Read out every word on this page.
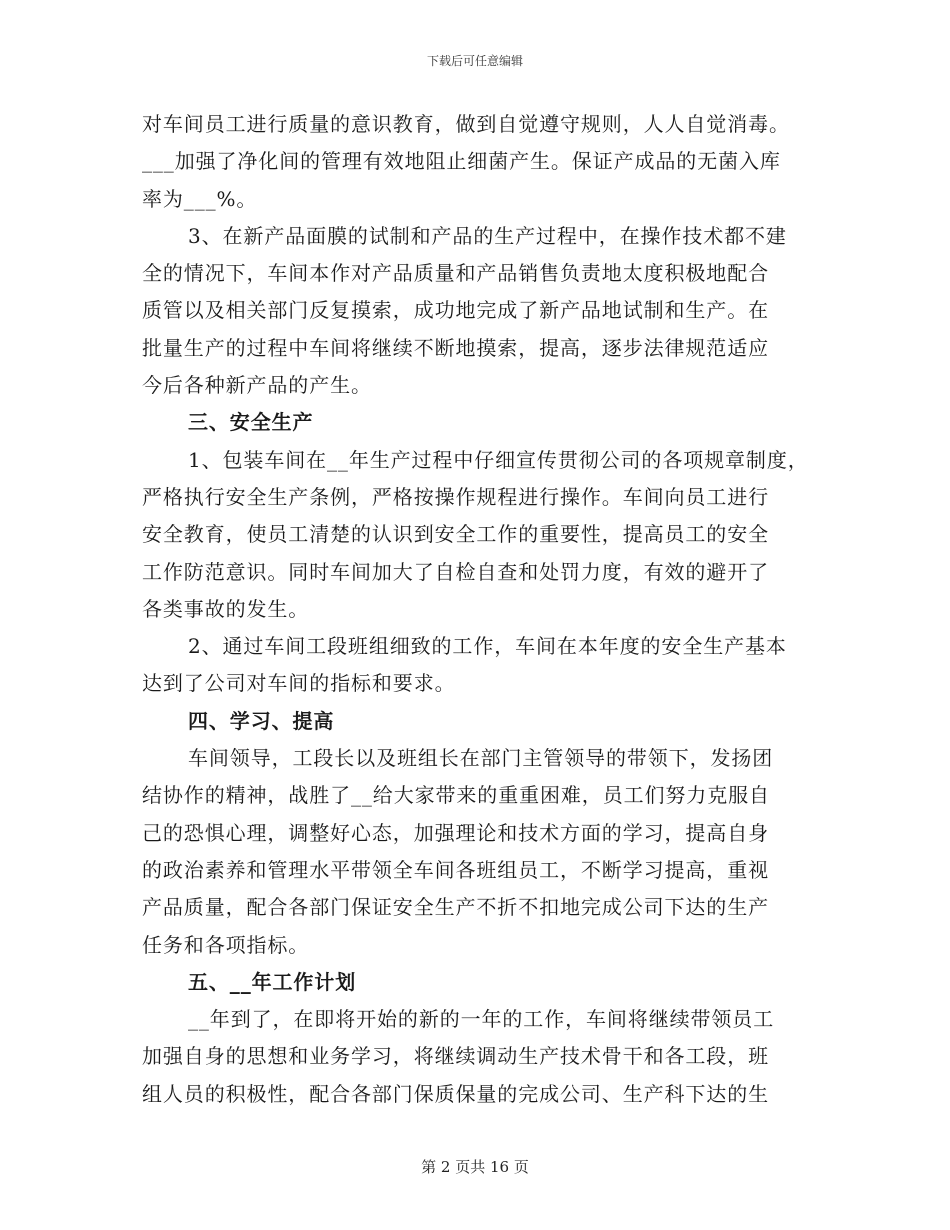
下载后可任意编辑
对车间员工进行质量的意识教育，做到自觉遵守规则，人人自觉消毒。
___加强了净化间的管理有效地阻止细菌产生。保证产成品的无菌入库
率为___%。
3、在新产品面膜的试制和产品的生产过程中，在操作技术都不建
全的情况下，车间本作对产品质量和产品销售负责地太度积极地配合
质管以及相关部门反复摸索，成功地完成了新产品地试制和生产。在
批量生产的过程中车间将继续不断地摸索，提高，逐步法律规范适应
今后各种新产品的产生。
三、安全生产
1、包装车间在__年生产过程中仔细宣传贯彻公司的各项规章制度，
严格执行安全生产条例，严格按操作规程进行操作。车间向员工进行
安全教育，使员工清楚的认识到安全工作的重要性，提高员工的安全
工作防范意识。同时车间加大了自检自查和处罚力度，有效的避开了
各类事故的发生。
2、通过车间工段班组细致的工作，车间在本年度的安全生产基本
达到了公司对车间的指标和要求。
四、学习、提高
车间领导，工段长以及班组长在部门主管领导的带领下，发扬团
结协作的精神，战胜了__给大家带来的重重困难，员工们努力克服自
己的恐惧心理，调整好心态，加强理论和技术方面的学习，提高自身
的政治素养和管理水平带领全车间各班组员工，不断学习提高，重视
产品质量，配合各部门保证安全生产不折不扣地完成公司下达的生产
任务和各项指标。
五、__年工作计划
__年到了，在即将开始的新的一年的工作，车间将继续带领员工
加强自身的思想和业务学习，将继续调动生产技术骨干和各工段，班
组人员的积极性，配合各部门保质保量的完成公司、生产科下达的生
第 2 页共 16 页
